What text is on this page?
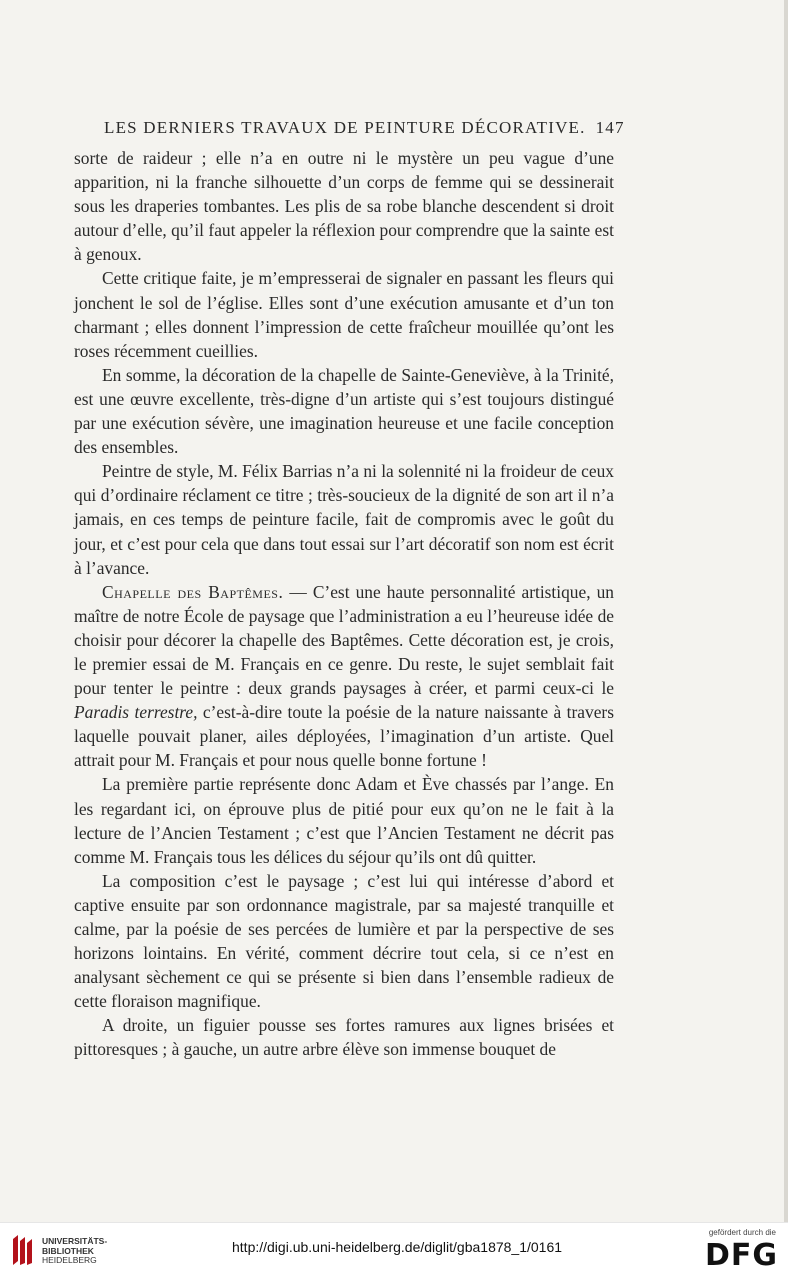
LES DERNIERS TRAVAUX DE PEINTURE DÉCORATIVE. 147

sorte de raideur ; elle n’a en outre ni le mystère un peu vague d’une apparition, ni la franche silhouette d’un corps de femme qui se dessinerait sous les draperies tombantes. Les plis de sa robe blanche descendent si droit autour d’elle, qu’il faut appeler la réflexion pour comprendre que la sainte est à genoux.

Cette critique faite, je m’empresserai de signaler en passant les fleurs qui jonchent le sol de l’église. Elles sont d’une exécution amusante et d’un ton charmant ; elles donnent l’impression de cette fraîcheur mouillée qu’ont les roses récemment cueillies.

En somme, la décoration de la chapelle de Sainte-Geneviève, à la Trinité, est une œuvre excellente, très-digne d’un artiste qui s’est toujours distingué par une exécution sévère, une imagination heureuse et une facile conception des ensembles.

Peintre de style, M. Félix Barrias n’a ni la solennité ni la froideur de ceux qui d’ordinaire réclament ce titre ; très-soucieux de la dignité de son art il n’a jamais, en ces temps de peinture facile, fait de compromis avec le goût du jour, et c’est pour cela que dans tout essai sur l’art décoratif son nom est écrit à l’avance.

Chapelle des Baptêmes. — C’est une haute personnalité artistique, un maître de notre École de paysage que l’administration a eu l’heureuse idée de choisir pour décorer la chapelle des Baptêmes. Cette décoration est, je crois, le premier essai de M. Français en ce genre. Du reste, le sujet semblait fait pour tenter le peintre : deux grands paysages à créer, et parmi ceux-ci le Paradis terrestre, c’est-à-dire toute la poésie de la nature naissante à travers laquelle pouvait planer, ailes déployées, l’imagination d’un artiste. Quel attrait pour M. Français et pour nous quelle bonne fortune !

La première partie représente donc Adam et Ève chassés par l’ange. En les regardant ici, on éprouve plus de pitié pour eux qu’on ne le fait à la lecture de l’Ancien Testament ; c’est que l’Ancien Testament ne décrit pas comme M. Français tous les délices du séjour qu’ils ont dû quitter.

La composition c’est le paysage ; c’est lui qui intéresse d’abord et captive ensuite par son ordonnance magistrale, par sa majesté tranquille et calme, par la poésie de ses percées de lumière et par la perspective de ses horizons lointains. En vérité, comment décrire tout cela, si ce n’est en analysant sèchement ce qui se présente si bien dans l’ensemble radieux de cette floraison magnifique.

A droite, un figuier pousse ses fortes ramures aux lignes brisées et pittoresques ; à gauche, un autre arbre élève son immense bouquet de

UNIVERSITÄTS-
BIBLIOTHEK
HEIDELBERG
http://digi.ub.uni-heidelberg.de/diglit/gba1878_1/0161
gefördert durch die
DFG
